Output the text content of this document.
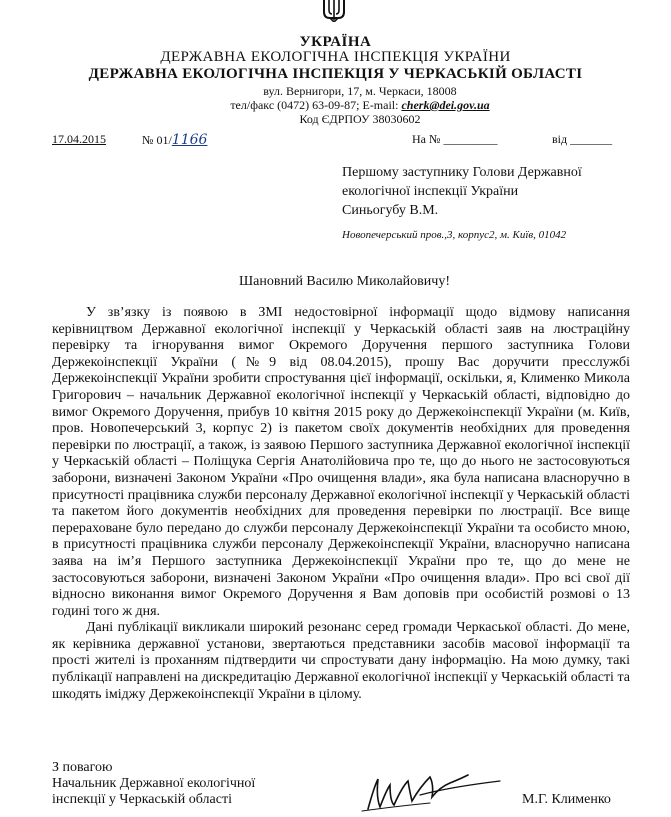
УКРАЇНА
ДЕРЖАВНА ЕКОЛОГІЧНА ІНСПЕКЦІЯ УКРАЇНИ
ДЕРЖАВНА ЕКОЛОГІЧНА ІНСПЕКЦІЯ У ЧЕРКАСЬКІЙ ОБЛАСТІ
вул. Вернигори, 17, м. Черкаси, 18008
тел/факс (0472) 63-09-87; E-mail: cherk@dei.gov.ua
Код ЄДРПОУ 38030602
17.04.2015	№ 01/1166	На № _________	від _______
Першому заступнику Голови Державної
екологічної інспекції України
Синьогубу В.М.
Новопечерський пров.,3, корпус2, м. Київ, 01042
Шановний Василю Миколайовичу!

У зв’язку із появою в ЗМІ недостовірної інформації щодо відмову написання керівництвом Державної екологічної інспекції у Черкаській області заяв на люстраційну перевірку та ігнорування вимог Окремого Доручення першого заступника Голови Держекоінспекції України (№9 від 08.04.2015), прошу Вас доручити пресслужбі Держекоінспекції України зробити спростування цієї інформації, оскільки, я, Клименко Микола Григорович – начальник Державної екологічної інспекції у Черкаській області, відповідно до вимог Окремого Доручення, прибув 10 квітня 2015 року до Держекоінспекції України (м. Київ, пров. Новопечерський 3, корпус 2) із пакетом своїх документів необхідних для проведення перевірки по люстрації, а також, із заявою Першого заступника Державної екологічної інспекції у Черкаській області – Поліщука Сергія Анатолійовича про те, що до нього не застосовуються заборони, визначені Законом України «Про очищення влади», яка була написана власноручно в присутності працівника служби персоналу Державної екологічної інспекції у Черкаській області та пакетом його документів необхідних для проведення перевірки по люстрації. Все вище перераховане було передано до служби персоналу Держекоінспекції України та особисто мною, в присутності працівника служби персоналу Держекоінспекції України, власноручно написана заява на ім’я Першого заступника Держекоінспекції України про те, що до мене не застосовуються заборони, визначені Законом України «Про очищення влади». Про всі свої дії відносно виконання вимог Окремого Доручення я Вам доповів при особистій розмові о 13 годині того ж дня.

Дані публікації викликали широкий резонанс серед громади Черкаської області. До мене, як керівника державної установи, звертаються представники засобів масової інформації та прості жителі із проханням підтвердити чи спростувати дану інформацію. На мою думку, такі публікації направлені на дискредитацію Державної екологічної інспекції у Черкаській області та шкодять іміджу Держекоінспекції України в цілому.

З повагою
Начальник Державної екологічної
інспекції у Черкаській області	М.Г. Клименко
